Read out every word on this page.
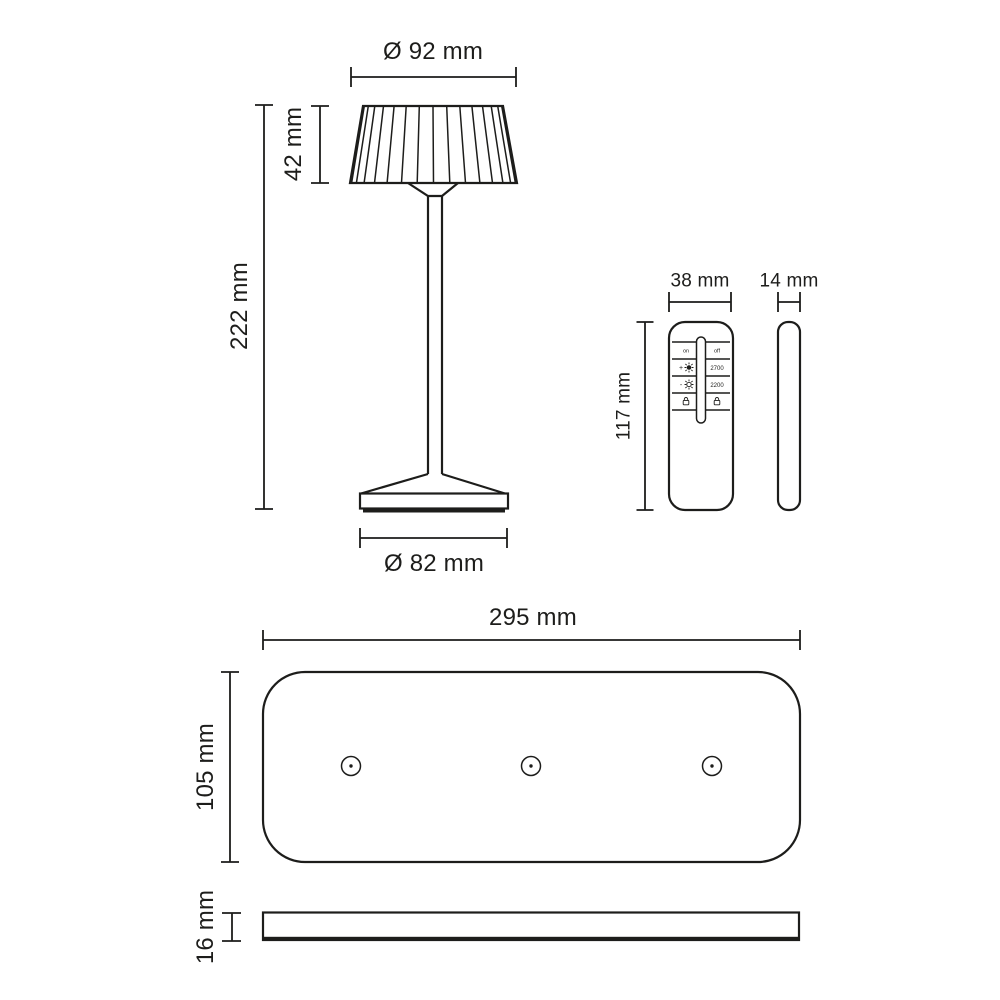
on	off
+	2700
-	2200
Ø 92 mm
42 mm
222 mm
Ø 82 mm
38 mm 14 mm
117 mm
295 mm
105 mm
16 mm
